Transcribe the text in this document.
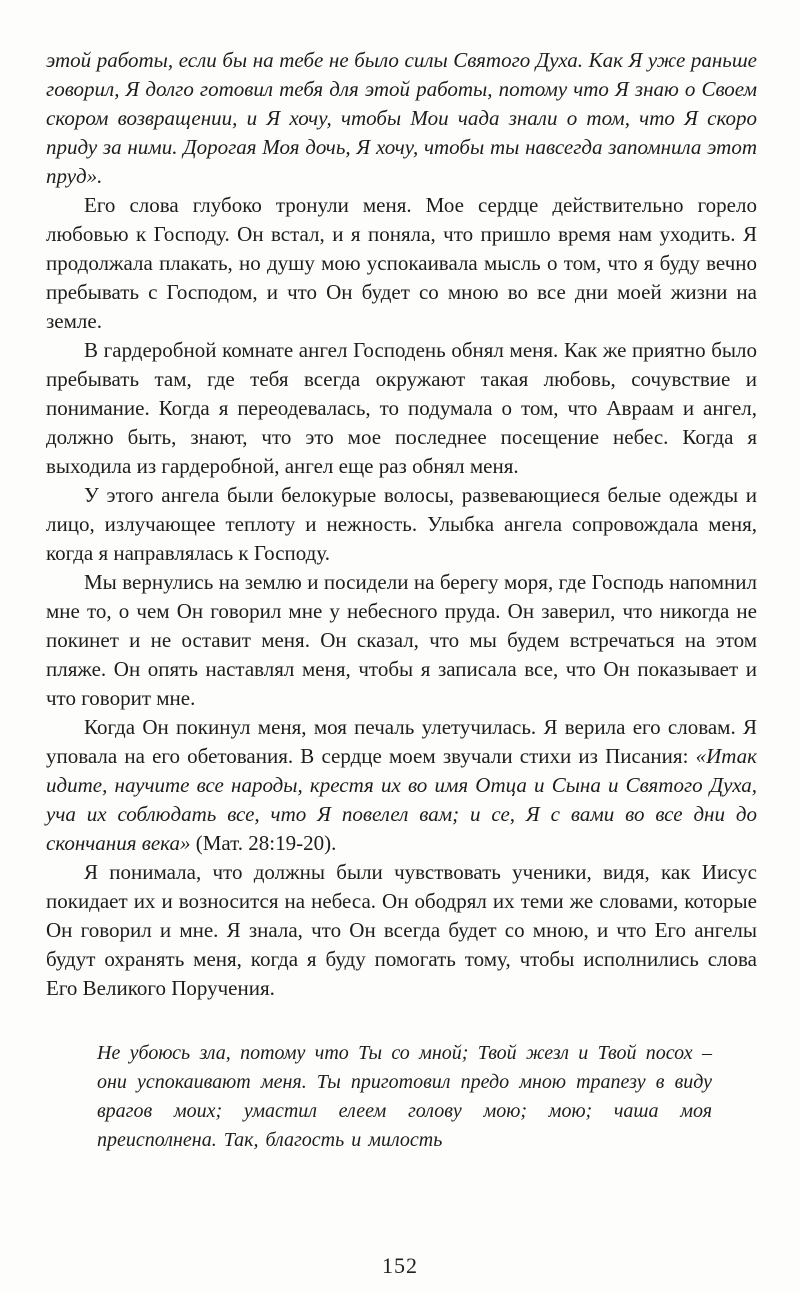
этой работы, если бы на тебе не было силы Святого Духа. Как Я уже раньше говорил, Я долго готовил тебя для этой работы, потому что Я знаю о Своем скором возвращении, и Я хочу, чтобы Мои чада знали о том, что Я скоро приду за ними. Дорогая Моя дочь, Я хочу, чтобы ты навсегда запомнила этот пруд».

Его слова глубоко тронули меня. Мое сердце действительно горело любовью к Господу. Он встал, и я поняла, что пришло время нам уходить. Я продолжала плакать, но душу мою успокаивала мысль о том, что я буду вечно пребывать с Господом, и что Он будет со мною во все дни моей жизни на земле.

В гардеробной комнате ангел Господень обнял меня. Как же приятно было пребывать там, где тебя всегда окружают такая любовь, сочувствие и понимание. Когда я переодевалась, то подумала о том, что Авраам и ангел, должно быть, знают, что это мое последнее посещение небес. Когда я выходила из гардеробной, ангел еще раз обнял меня.

У этого ангела были белокурые волосы, развевающиеся белые одежды и лицо, излучающее теплоту и нежность. Улыбка ангела сопровождала меня, когда я направлялась к Господу.

Мы вернулись на землю и посидели на берегу моря, где Господь напомнил мне то, о чем Он говорил мне у небесного пруда. Он заверил, что никогда не покинет и не оставит меня. Он сказал, что мы будем встречаться на этом пляже. Он опять наставлял меня, чтобы я записала все, что Он показывает и что говорит мне.

Когда Он покинул меня, моя печаль улетучилась. Я верила его словам. Я уповала на его обетования. В сердце моем звучали стихи из Писания: «Итак идите, научите все народы, крестя их во имя Отца и Сына и Святого Духа, уча их соблюдать все, что Я повелел вам; и се, Я с вами во все дни до скончания века» (Мат. 28:19-20).

Я понимала, что должны были чувствовать ученики, видя, как Иисус покидает их и возносится на небеса. Он ободрял их теми же словами, которые Он говорил и мне. Я знала, что Он всегда будет со мною, и что Его ангелы будут охранять меня, когда я буду помогать тому, чтобы исполнились слова Его Великого Поручения.

Не убоюсь зла, потому что Ты со мной; Твой жезл и Твой посох – они успокаивают меня. Ты приготовил предо мною трапезу в виду врагов моих; умастил елеем голову мою; мою; чаша моя преисполнена. Так, благость и милость
152
